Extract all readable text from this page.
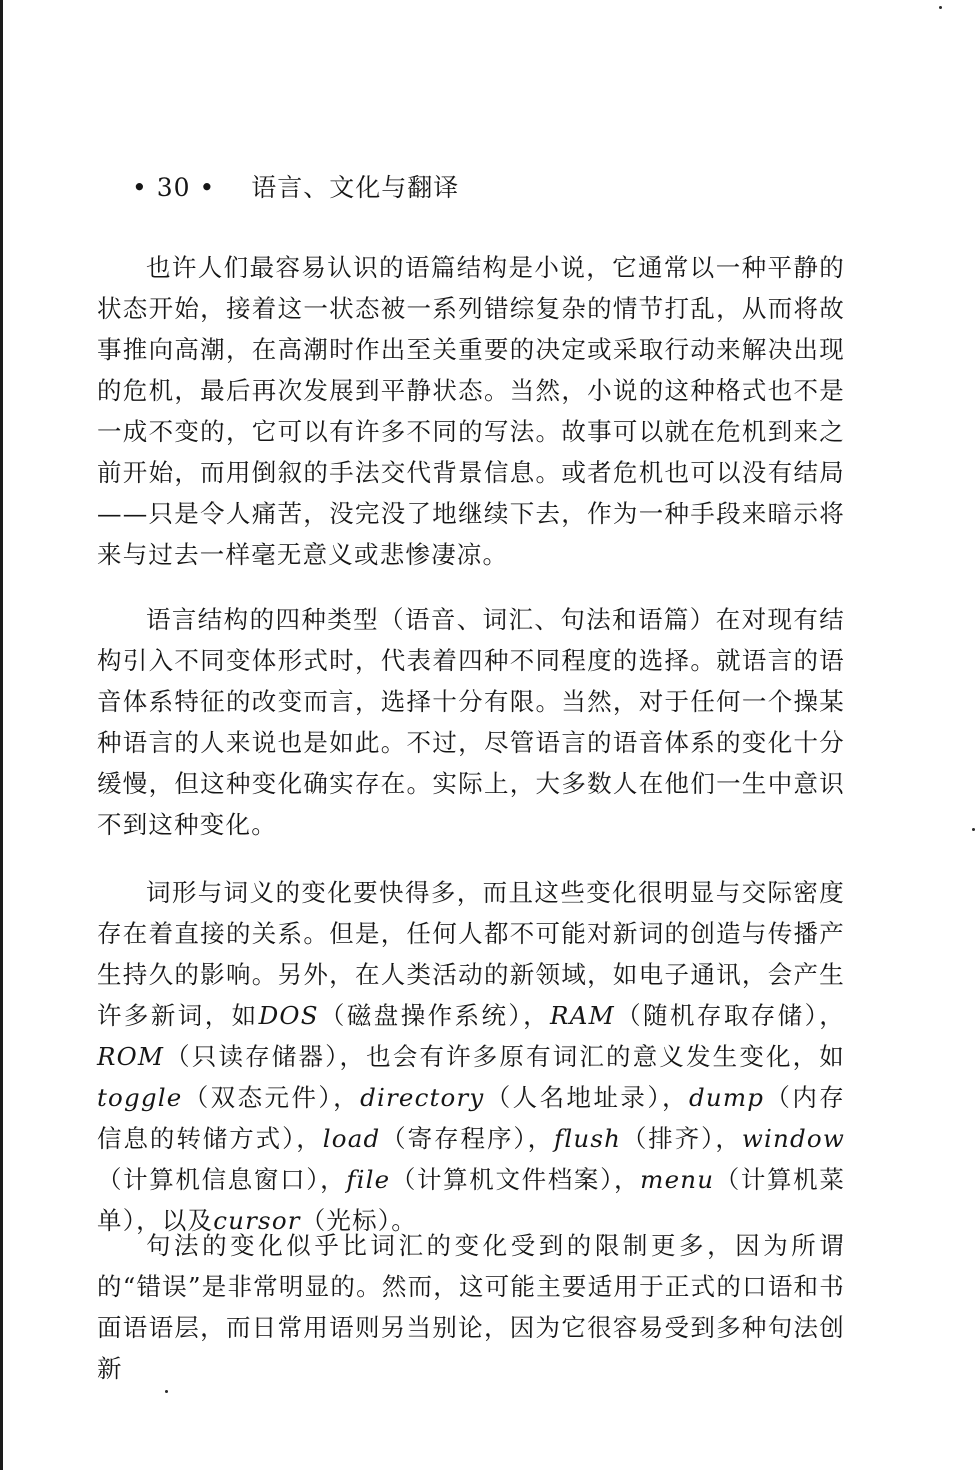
• 30 • 语言、文化与翻译

也许人们最容易认识的语篇结构是小说，它通常以一种平静的状态开始，接着这一状态被一系列错综复杂的情节打乱，从而将故事推向高潮，在高潮时作出至关重要的决定或采取行动来解决出现的危机，最后再次发展到平静状态。当然，小说的这种格式也不是一成不变的，它可以有许多不同的写法。故事可以就在危机到来之前开始，而用倒叙的手法交代背景信息。或者危机也可以没有结局——只是令人痛苦，没完没了地继续下去，作为一种手段来暗示将来与过去一样毫无意义或悲惨凄凉。

语言结构的四种类型（语音、词汇、句法和语篇）在对现有结构引入不同变体形式时，代表着四种不同程度的选择。就语言的语音体系特征的改变而言，选择十分有限。当然，对于任何一个操某种语言的人来说也是如此。不过，尽管语言的语音体系的变化十分缓慢，但这种变化确实存在。实际上，大多数人在他们一生中意识不到这种变化。

词形与词义的变化要快得多，而且这些变化很明显与交际密度存在着直接的关系。但是，任何人都不可能对新词的创造与传播产生持久的影响。另外，在人类活动的新领域，如电子通讯，会产生许多新词，如DOS（磁盘操作系统），RAM（随机存取存储），ROM（只读存储器），也会有许多原有词汇的意义发生变化，如toggle（双态元件），directory（人名地址录），dump（内存信息的转储方式），load（寄存程序），flush（排齐），window（计算机信息窗口），file（计算机文件档案），menu（计算机菜单），以及cursor（光标）。

句法的变化似乎比词汇的变化受到的限制更多，因为所谓的“错误”是非常明显的。然而，这可能主要适用于正式的口语和书面语语层，而日常用语则另当别论，因为它很容易受到多种句法创新
